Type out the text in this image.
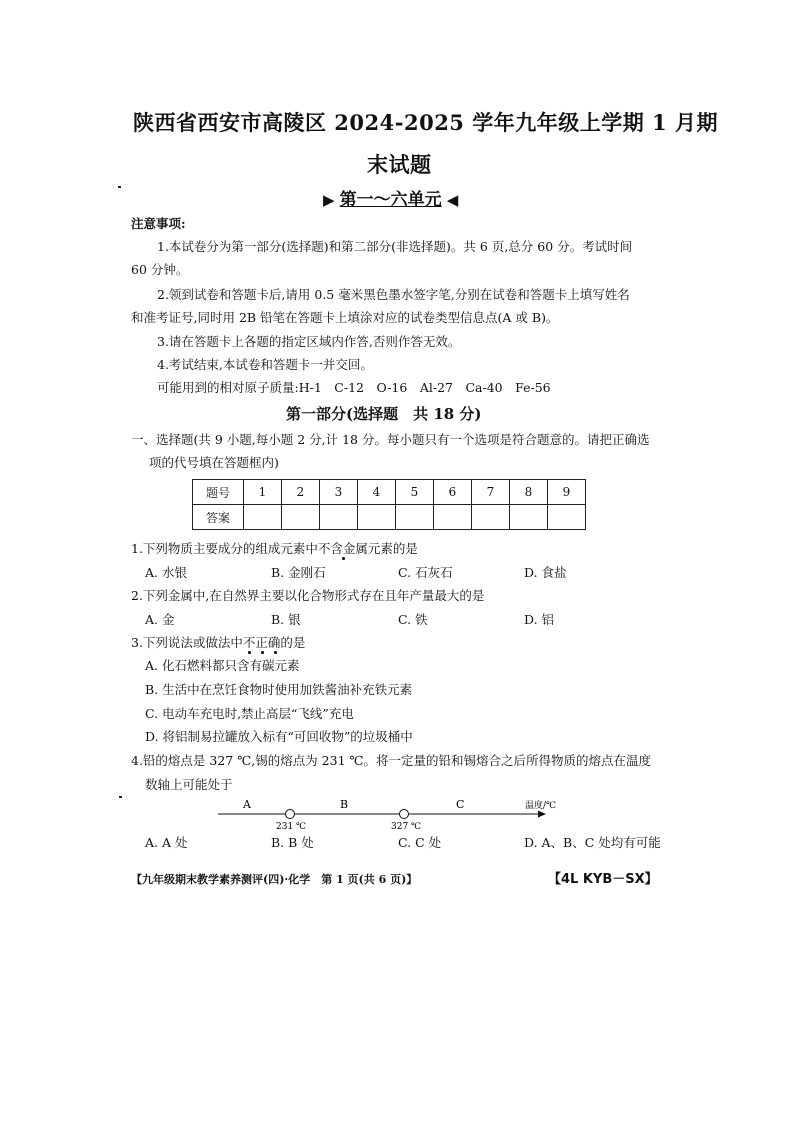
陕西省西安市高陵区 2024-2025 学年九年级上学期 1 月期
末试题
▶ 第一～六单元 ◀
注意事项:
1.本试卷分为第一部分(选择题)和第二部分(非选择题)。共 6 页,总分 60 分。考试时间
60 分钟。
2.领到试卷和答题卡后,请用 0.5 毫米黑色墨水签字笔,分别在试卷和答题卡上填写姓名
和准考证号,同时用 2B 铅笔在答题卡上填涂对应的试卷类型信息点(A 或 B)。
3.请在答题卡上各题的指定区域内作答,否则作答无效。
4.考试结束,本试卷和答题卡一并交回。
可能用到的相对原子质量:H-1　C-12　O-16　Al-27　Ca-40　Fe-56
第一部分(选择题　共 18 分)
一、选择题(共 9 小题,每小题 2 分,计 18 分。每小题只有一个选项是符合题意的。请把正确选
项的代号填在答题框内)
题号	1	2	3	4	5	6	7	8	9
答案									
1.下列物质主要成分的组成元素中不含金属元素的是
A. 水银	B. 金刚石	C. 石灰石	D. 食盐
2.下列金属中,在自然界主要以化合物形式存在且年产量最大的是
A. 金	B. 银	C. 铁	D. 铝
3.下列说法或做法中不正确的是
A. 化石燃料都只含有碳元素
B. 生活中在烹饪食物时使用加铁酱油补充铁元素
C. 电动车充电时,禁止高层“飞线”充电
D. 将铝制易拉罐放入标有“可回收物”的垃圾桶中
4.铅的熔点是 327 ℃,锡的熔点为 231 ℃。将一定量的铅和锡熔合之后所得物质的熔点在温度
数轴上可能处于
A	B	C	温度/℃
231 ℃	327 ℃
A. A 处	B. B 处	C. C 处	D. A、B、C 处均有可能
【九年级期末教学素养测评(四)·化学　第 1 页(共 6 页)】	【4L KYB－SX】
